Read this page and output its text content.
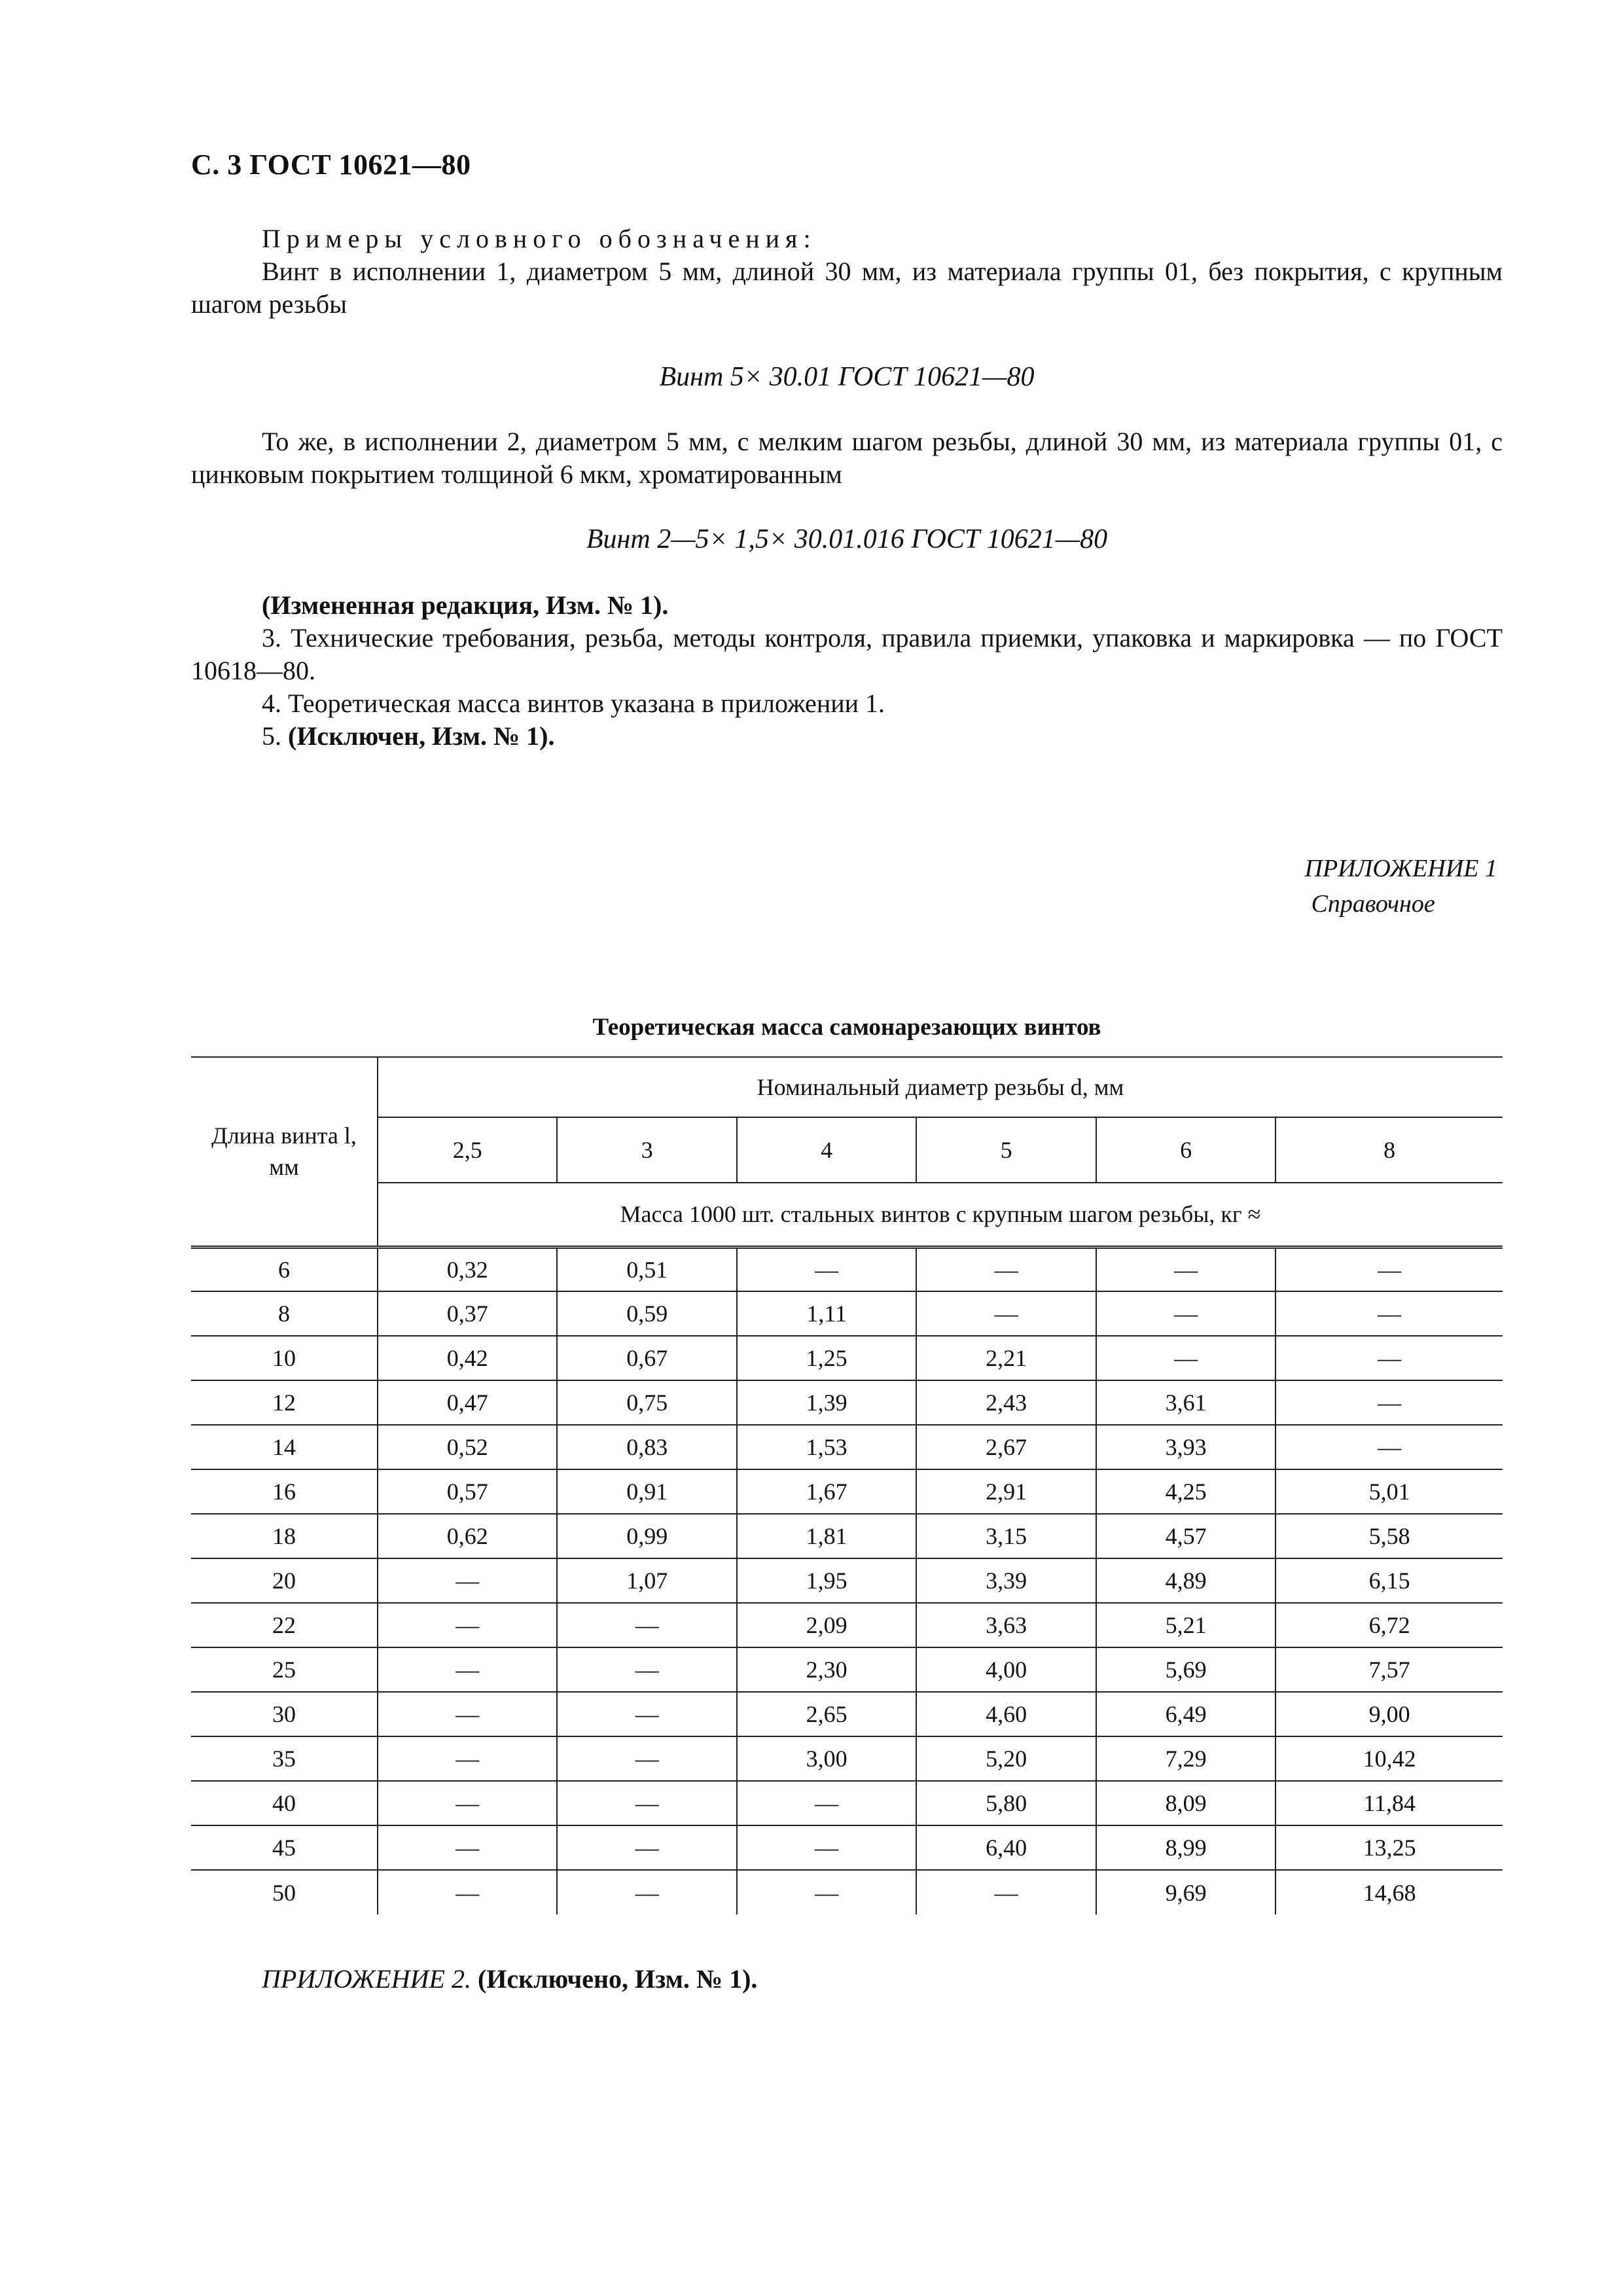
С. 3 ГОСТ 10621—80

Примеры условного обозначения:

Винт в исполнении 1, диаметром 5 мм, длиной 30 мм, из материала группы 01, без покрытия, с крупным шагом резьбы

Винт 5× 30.01 ГОСТ 10621—80

То же, в исполнении 2, диаметром 5 мм, с мелким шагом резьбы, длиной 30 мм, из материала группы 01, с цинковым покрытием толщиной 6 мкм, хроматированным

Винт 2—5× 1,5× 30.01.016 ГОСТ 10621—80

(Измененная редакция, Изм. № 1).

3. Технические требования, резьба, методы контроля, правила приемки, упаковка и маркировка — по ГОСТ 10618—80.

4. Теоретическая масса винтов указана в приложении 1.

5. (Исключен, Изм. № 1).

ПРИЛОЖЕНИЕ 1
Справочное
Теоретическая масса самонарезающих винтов
Длина винта l, мм	Номинальный диаметр резьбы d, мм					
	2,5	3	4	5	6	8
	Масса 1000 шт. стальных винтов с крупным шагом резьбы, кг ≈					
6	0,32	0,51	—	—	—	—
8	0,37	0,59	1,11	—	—	—
10	0,42	0,67	1,25	2,21	—	—
12	0,47	0,75	1,39	2,43	3,61	—
14	0,52	0,83	1,53	2,67	3,93	—
16	0,57	0,91	1,67	2,91	4,25	5,01
18	0,62	0,99	1,81	3,15	4,57	5,58
20	—	1,07	1,95	3,39	4,89	6,15
22	—	—	2,09	3,63	5,21	6,72
25	—	—	2,30	4,00	5,69	7,57
30	—	—	2,65	4,60	6,49	9,00
35	—	—	3,00	5,20	7,29	10,42
40	—	—	—	5,80	8,09	11,84
45	—	—	—	6,40	8,99	13,25
50	—	—	—	—	9,69	14,68
ПРИЛОЖЕНИЕ 2. (Исключено, Изм. № 1).
